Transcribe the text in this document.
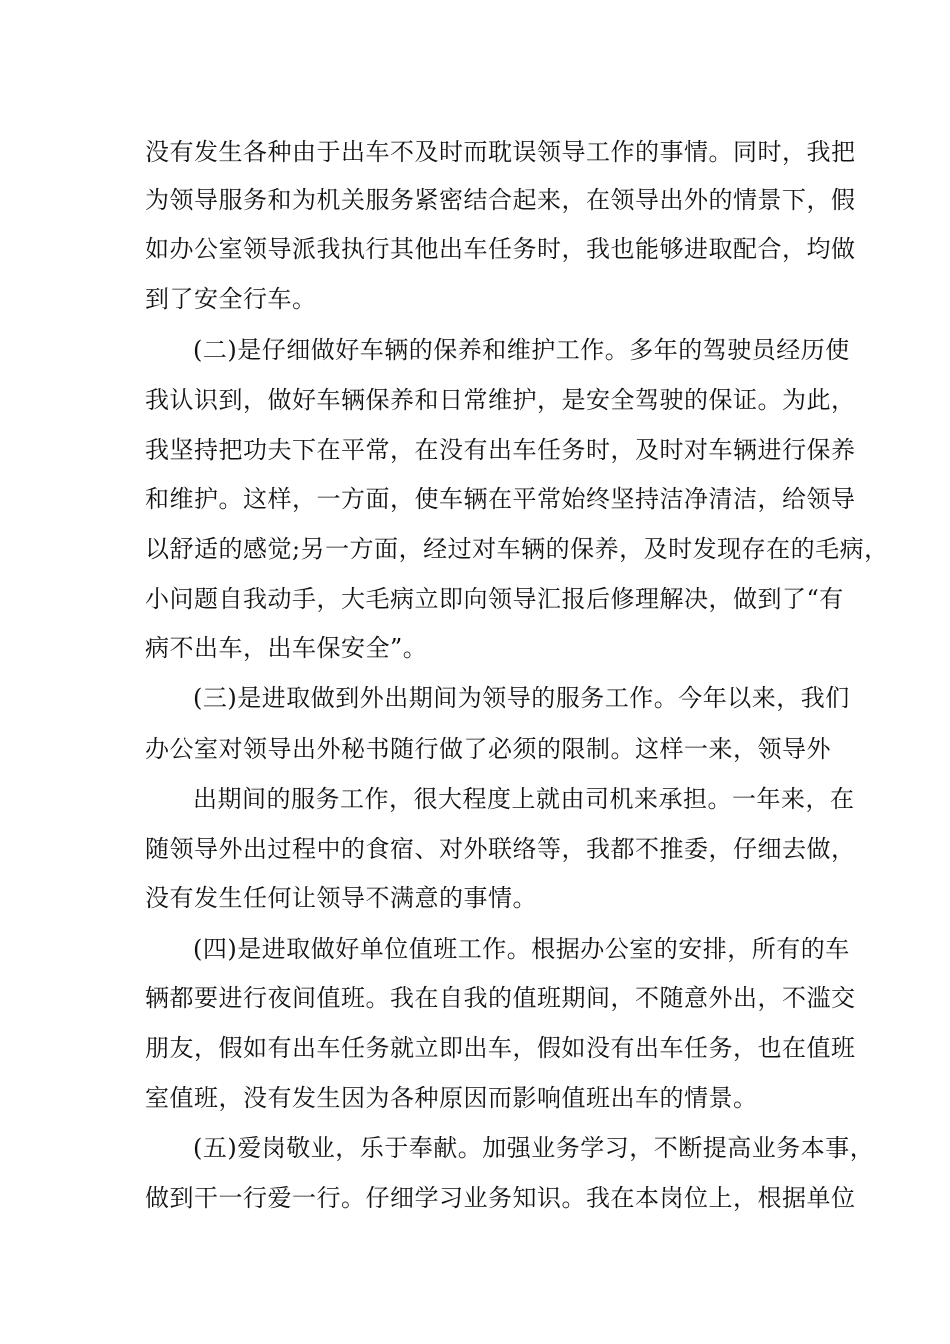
没有发生各种由于出车不及时而耽误领导工作的事情。同时，我把
为领导服务和为机关服务紧密结合起来，在领导出外的情景下，假
如办公室领导派我执行其他出车任务时，我也能够进取配合，均做
到了安全行车。
(二)是仔细做好车辆的保养和维护工作。多年的驾驶员经历使
我认识到，做好车辆保养和日常维护，是安全驾驶的保证。为此，
我坚持把功夫下在平常，在没有出车任务时，及时对车辆进行保养
和维护。这样，一方面，使车辆在平常始终坚持洁净清洁，给领导
以舒适的感觉;另一方面，经过对车辆的保养，及时发现存在的毛病，
小问题自我动手，大毛病立即向领导汇报后修理解决，做到了“有
病不出车，出车保安全”。
(三)是进取做到外出期间为领导的服务工作。今年以来，我们
办公室对领导出外秘书随行做了必须的限制。这样一来，领导外
出期间的服务工作，很大程度上就由司机来承担。一年来，在
随领导外出过程中的食宿、对外联络等，我都不推委，仔细去做，
没有发生任何让领导不满意的事情。
(四)是进取做好单位值班工作。根据办公室的安排，所有的车
辆都要进行夜间值班。我在自我的值班期间，不随意外出，不滥交
朋友，假如有出车任务就立即出车，假如没有出车任务，也在值班
室值班，没有发生因为各种原因而影响值班出车的情景。
(五)爱岗敬业，乐于奉献。加强业务学习，不断提高业务本事，
做到干一行爱一行。仔细学习业务知识。我在本岗位上，根据单位
